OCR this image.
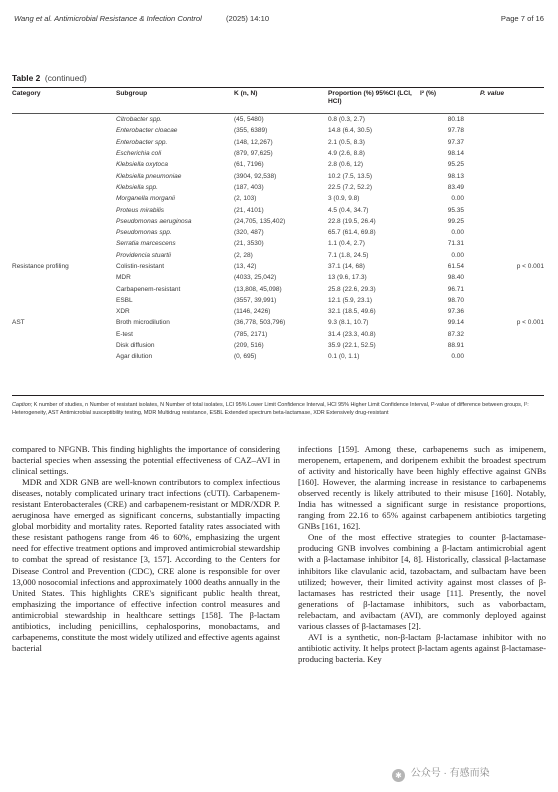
Wang et al. Antimicrobial Resistance & Infection Control	(2025) 14:10	Page 7 of 16
Table 2 (continued)
Category	Subgroup	K (n, N)	Proportion (%) 95%CI (LCI, HCI)	I² (%)	P. value
	Citrobacter spp.	(45, 5480)	0.8 (0.3, 2.7)	80.18	
	Enterobacter cloacae	(355, 6389)	14.8 (6.4, 30.5)	97.78	
	Enterobacter spp.	(148, 12,267)	2.1 (0.5, 8.3)	97.37	
	Escherichia coli	(879, 97,625)	4.9 (2.6, 8.8)	98.14	
	Klebsiella oxytoca	(61, 7196)	2.8 (0.6, 12)	95.25	
	Klebsiella pneumoniae	(3904, 92,538)	10.2 (7.5, 13.5)	98.13	
	Klebsiella spp.	(187, 403)	22.5 (7.2, 52.2)	83.49	
	Morganella morganii	(2, 103)	3 (0.9, 9.8)	0.00	
	Proteus mirabilis	(21, 4101)	4.5 (0.4, 34.7)	95.35	
	Pseudomonas aeruginosa	(24,705, 135,402)	22.8 (19.5, 26.4)	99.25	
	Pseudomonas spp.	(320, 487)	65.7 (61.4, 69.8)	0.00	
	Serratia marcescens	(21, 3530)	1.1 (0.4, 2.7)	71.31	
	Providencia stuartii	(2, 28)	7.1 (1.8, 24.5)	0.00	
Resistance profiling	Colistin-resistant	(13, 42)	37.1 (14, 68)	61.54	p < 0.001
	MDR	(4033, 25,042)	13 (9.6, 17.3)	98.40	
	Carbapenem-resistant	(13,808, 45,098)	25.8 (22.6, 29.3)	96.71	
	ESBL	(3557, 39,991)	12.1 (5.9, 23.1)	98.70	
	XDR	(1146, 2426)	32.1 (18.5, 49.6)	97.36	
AST	Broth microdilution	(36,778, 503,796)	9.3 (8.1, 10.7)	99.14	p < 0.001
	E-test	(785, 2171)	31.4 (23.3, 40.8)	87.32	
	Disk diffusion	(209, 516)	35.9 (22.1, 52.5)	88.91	
	Agar dilution	(0, 695)	0.1 (0, 1.1)	0.00	
Caption; K number of studies, n Number of resistant isolates, N Number of total isolates, LCI 95% Lower Limit Confidence Interval, HCI 95% Higher Limit Confidence Interval, P-value of difference between groups, I²: Heterogeneity, AST Antimicrobial susceptibility testing, MDR Multidrug resistance, ESBL Extended spectrum beta-lactamase, XDR Extensively drug-resistant

compared to NFGNB. This finding highlights the importance of considering bacterial species when assessing the potential effectiveness of CAZ–AVI in clinical settings.

MDR and XDR GNB are well-known contributors to complex infectious diseases, notably complicated urinary tract infections (cUTI). Carbapenem-resistant Enterobacterales (CRE) and carbapenem-resistant or MDR/XDR P. aeruginosa have emerged as significant concerns, substantially impacting global morbidity and mortality rates. Reported fatality rates associated with these resistant pathogens range from 46 to 60%, emphasizing the urgent need for effective treatment options and improved antimicrobial stewardship to combat the spread of resistance [3, 157]. According to the Centers for Disease Control and Prevention (CDC), CRE alone is responsible for over 13,000 nosocomial infections and approximately 1000 deaths annually in the United States. This highlights CRE's significant public health threat, emphasizing the importance of effective infection control measures and antimicrobial stewardship in healthcare settings [158]. The β-lactam antibiotics, including penicillins, cephalosporins, monobactams, and carbapenems, constitute the most widely utilized and effective agents against bacterial

infections [159]. Among these, carbapenems such as imipenem, meropenem, ertapenem, and doripenem exhibit the broadest spectrum of activity and historically have been highly effective against GNBs [160]. However, the alarming increase in resistance to carbapenems observed recently is likely attributed to their misuse [160]. Notably, India has witnessed a significant surge in resistance proportions, ranging from 22.16 to 65% against carbapenem antibiotics targeting GNBs [161, 162].

One of the most effective strategies to counter β-lactamase-producing GNB involves combining a β-lactam antimicrobial agent with a β-lactamase inhibitor [4, 8]. Historically, classical β-lactamase inhibitors like clavulanic acid, tazobactam, and sulbactam have been utilized; however, their limited activity against most classes of β-lactamases has restricted their usage [11]. Presently, the novel generations of β-lactamase inhibitors, such as vaborbactam, relebactam, and avibactam (AVI), are commonly deployed against various classes of β-lactamases [2].

AVI is a synthetic, non-β-lactam β-lactamase inhibitor with no antibiotic activity. It helps protect β-lactam agents against β-lactamase-producing bacteria. Key

✱ 公众号 · 有感而染
